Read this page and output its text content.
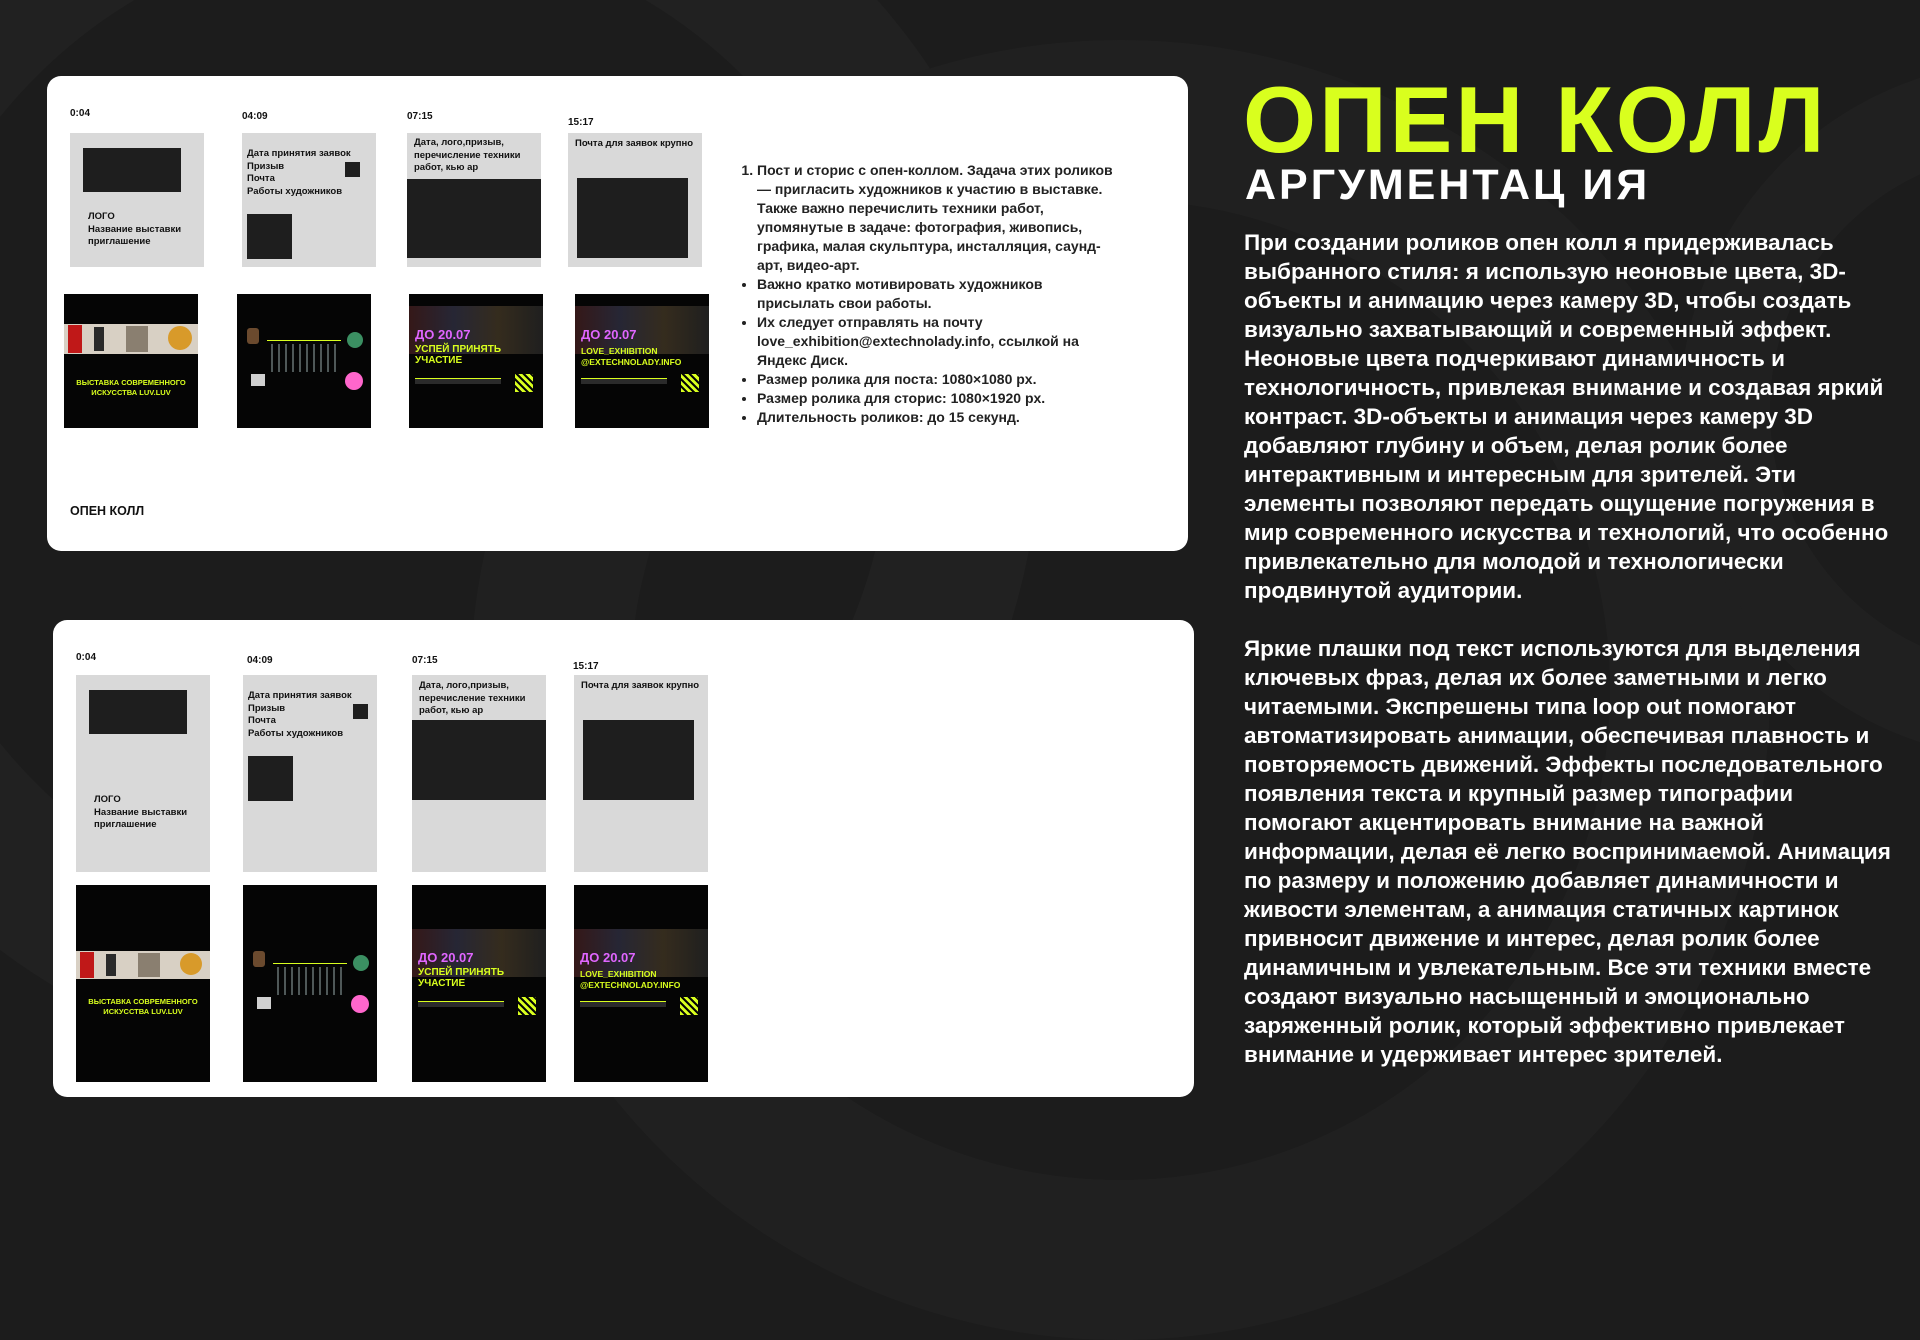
0:04
ЛОГО
Название выставки
приглашение
ВЫСТАВКА СОВРЕМЕННОГО
ИСКУССТВА LUV.LUV
04:09
Дата принятия заявок
Призыв
Почта
Работы художников
07:15
Дата, лого,призыв,
перечисление техники
работ, кью ар
ДО 20.07
УСПЕЙ ПРИНЯТЬ
УЧАСТИЕ
15:17
Почта для заявок крупно
ДО 20.07
LOVE_EXHIBITION
@EXTECHNOLADY.INFO
1. Пост и сторис с опен-коллом. Задача этих роликов — пригласить художников к участию в выставке. Также важно перечислить техники работ, упомянутые в задаче: фотография, живопись, графика, малая скульптура, инсталляция, саунд-арт, видео-арт.
• Важно кратко мотивировать художников присылать свои работы.
• Их следует отправлять на почту love_exhibition@extechnolady.info, ссылкой на Яндекс Диск.
• Размер ролика для поста: 1080×1080 px.
• Размер ролика для сторис: 1080×1920 px.
• Длительность роликов: до 15 секунд.
ОПЕН КОЛЛ
0:04
ЛОГО
Название выставки
приглашение
ВЫСТАВКА СОВРЕМЕННОГО
ИСКУССТВА LUV.LUV
04:09
Дата принятия заявок
Призыв
Почта
Работы художников
07:15
Дата, лого,призыв,
перечисление техники
работ, кью ар
ДО 20.07
УСПЕЙ ПРИНЯТЬ
УЧАСТИЕ
15:17
Почта для заявок крупно
ДО 20.07
LOVE_EXHIBITION
@EXTECHNOLADY.INFO
ОПЕН КОЛЛ
АРГУМЕНТАЦ ИЯ

При создании роликов опен колл я придерживалась выбранного стиля: я использую неоновые цвета, 3D-объекты и анимацию через камеру 3D, чтобы создать визуально захватывающий и современный эффект. Неоновые цвета подчеркивают динамичность и технологичность, привлекая внимание и создавая яркий контраст. 3D-объекты и анимация через камеру 3D добавляют глубину и объем, делая ролик более интерактивным и интересным для зрителей. Эти элементы позволяют передать ощущение погружения в мир современного искусства и технологий, что особенно привлекательно для молодой и технологически продвинутой аудитории.

Яркие плашки под текст используются для выделения ключевых фраз, делая их более заметными и легко читаемыми. Экспрешены типа loop out помогают автоматизировать анимации, обеспечивая плавность и повторяемость движений. Эффекты последовательного появления текста и крупный размер типографии помогают акцентировать внимание на важной информации, делая её легко воспринимаемой. Анимация по размеру и положению добавляет динамичности и живости элементам, а анимация статичных картинок привносит движение и интерес, делая ролик более динамичным и увлекательным. Все эти техники вместе создают визуально насыщенный и эмоционально заряженный ролик, который эффективно привлекает внимание и удерживает интерес зрителей.
